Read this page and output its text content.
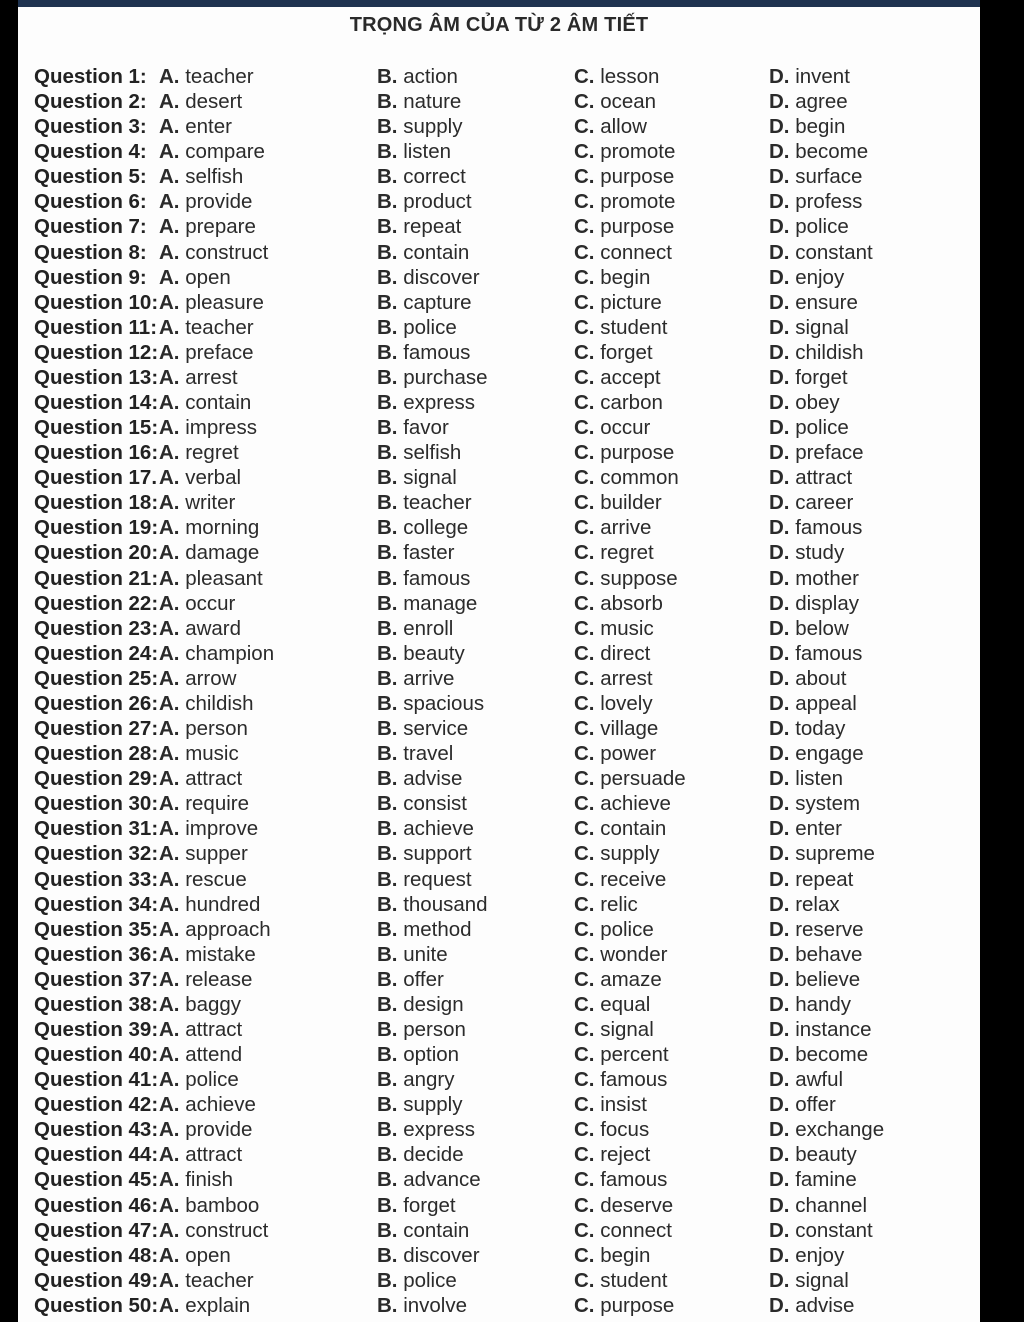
TRỌNG ÂM CỦA TỪ 2 ÂM TIẾT
Question 1: A. teacher	B. action	C. lesson	D. invent
Question 2: A. desert	B. nature	C. ocean	D. agree
Question 3: A. enter	B. supply	C. allow	D. begin
Question 4: A. compare	B. listen	C. promote	D. become
Question 5: A. selfish	B. correct	C. purpose	D. surface
Question 6: A. provide	B. product	C. promote	D. profess
Question 7: A. prepare	B. repeat	C. purpose	D. police
Question 8: A. construct	B. contain	C. connect	D. constant
Question 9: A. open	B. discover	C. begin	D. enjoy
Question 10: A. pleasure	B. capture	C. picture	D. ensure
Question 11: A. teacher	B. police	C. student	D. signal
Question 12: A. preface	B. famous	C. forget	D. childish
Question 13: A. arrest	B. purchase	C. accept	D. forget
Question 14: A. contain	B. express	C. carbon	D. obey
Question 15: A. impress	B. favor	C. occur	D. police
Question 16: A. regret	B. selfish	C. purpose	D. preface
Question 17. A. verbal	B. signal	C. common	D. attract
Question 18: A. writer	B. teacher	C. builder	D. career
Question 19: A. morning	B. college	C. arrive	D. famous
Question 20: A. damage	B. faster	C. regret	D. study
Question 21: A. pleasant	B. famous	C. suppose	D. mother
Question 22: A. occur	B. manage	C. absorb	D. display
Question 23: A. award	B. enroll	C. music	D. below
Question 24: A. champion	B. beauty	C. direct	D. famous
Question 25: A. arrow	B. arrive	C. arrest	D. about
Question 26: A. childish	B. spacious	C. lovely	D. appeal
Question 27: A. person	B. service	C. village	D. today
Question 28: A. music	B. travel	C. power	D. engage
Question 29: A. attract	B. advise	C. persuade	D. listen
Question 30: A. require	B. consist	C. achieve	D. system
Question 31: A. improve	B. achieve	C. contain	D. enter
Question 32: A. supper	B. support	C. supply	D. supreme
Question 33: A. rescue	B. request	C. receive	D. repeat
Question 34: A. hundred	B. thousand	C. relic	D. relax
Question 35: A. approach	B. method	C. police	D. reserve
Question 36: A. mistake	B. unite	C. wonder	D. behave
Question 37: A. release	B. offer	C. amaze	D. believe
Question 38: A. baggy	B. design	C. equal	D. handy
Question 39: A. attract	B. person	C. signal	D. instance
Question 40: A. attend	B. option	C. percent	D. become
Question 41: A. police	B. angry	C. famous	D. awful
Question 42: A. achieve	B. supply	C. insist	D. offer
Question 43: A. provide	B. express	C. focus	D. exchange
Question 44: A. attract	B. decide	C. reject	D. beauty
Question 45: A. finish	B. advance	C. famous	D. famine
Question 46: A. bamboo	B. forget	C. deserve	D. channel
Question 47: A. construct	B. contain	C. connect	D. constant
Question 48: A. open	B. discover	C. begin	D. enjoy
Question 49: A. teacher	B. police	C. student	D. signal
Question 50: A. explain	B. involve	C. purpose	D. advise
